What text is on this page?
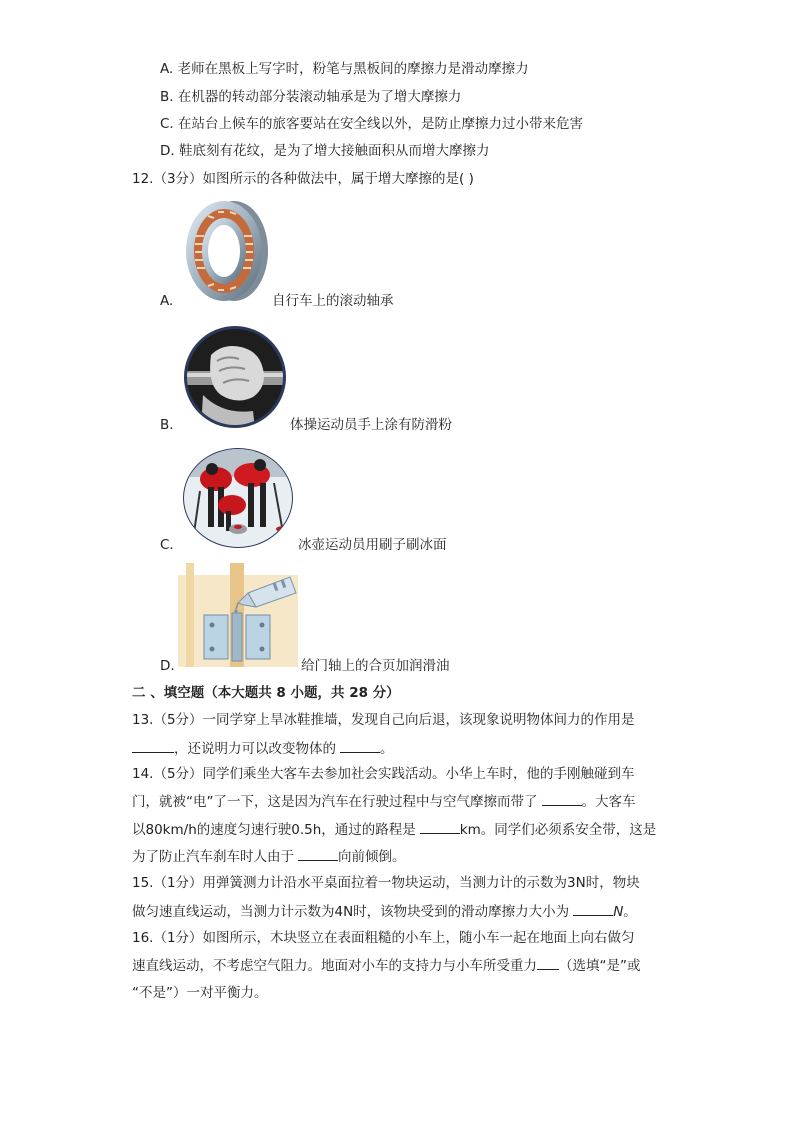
A. 老师在黑板上写字时，粉笔与黑板间的摩擦力是滑动摩擦力
B. 在机器的转动部分装滚动轴承是为了增大摩擦力
C. 在站台上候车的旅客要站在安全线以外，是防止摩擦力过小带来危害
D. 鞋底刻有花纹，是为了增大接触面积从而增大摩擦力
12.（3分）如图所示的各种做法中，属于增大摩擦的是( )
A.	自行车上的滚动轴承
B.	体操运动员手上涂有防滑粉
C.	冰壶运动员用刷子刷冰面
D.	给门轴上的合页加润滑油
二 、填空题（本大题共 8 小题，共 28 分）
13.（5分）一同学穿上旱冰鞋推墙，发现自己向后退，该现象说明物体间力的作用是
，还说明力可以改变物体的	。
14.（5分）同学们乘坐大客车去参加社会实践活动。小华上车时，他的手刚触碰到车
门，就被“电”了一下，这是因为汽车在行驶过程中与空气摩擦而带了	。大客车
以80km/h的速度匀速行驶0.5h，通过的路程是	km。同学们必须系安全带，这是
为了防止汽车刹车时人由于	向前倾倒。
15.（1分）用弹簧测力计沿水平桌面拉着一物块运动，当测力计的示数为3N时，物块
做匀速直线运动，当测力计示数为4N时，该物块受到的滑动摩擦力大小为	N。
16.（1分）如图所示，木块竖立在表面粗糙的小车上，随小车一起在地面上向右做匀
速直线运动，不考虑空气阻力。地面对小车的支持力与小车所受重力 （选填“是”或
“不是”）一对平衡力。
